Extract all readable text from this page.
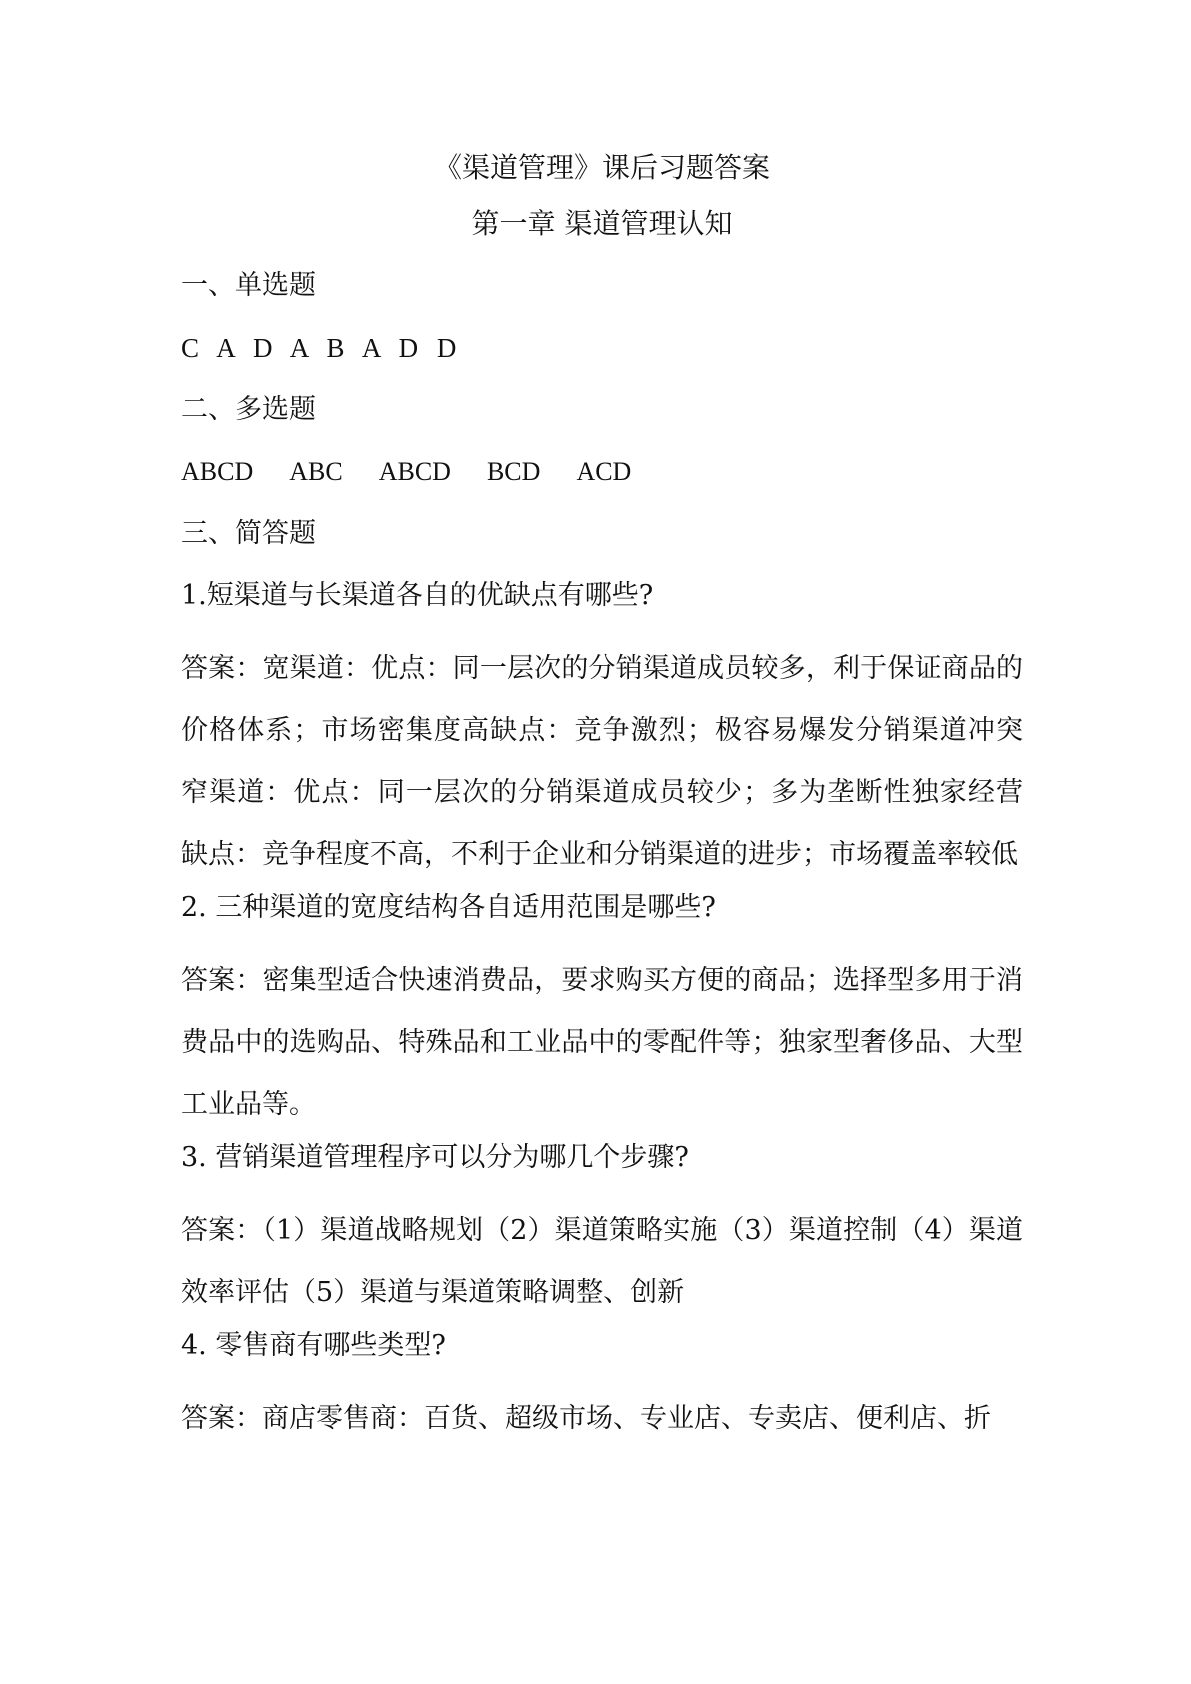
《渠道管理》课后习题答案
第一章 渠道管理认知
一、单选题
C A D A B A D D
二、多选题
ABCD ABC ABCD BCD ACD
三、简答题
1.短渠道与长渠道各自的优缺点有哪些?
答案：宽渠道：优点：同一层次的分销渠道成员较多，利于保证商品的价格体系；市场密集度高缺点：竞争激烈；极容易爆发分销渠道冲突 窄渠道：优点：同一层次的分销渠道成员较少；多为垄断性独家经营 缺点：竞争程度不高，不利于企业和分销渠道的进步；市场覆盖率较低
2. 三种渠道的宽度结构各自适用范围是哪些?
答案：密集型适合快速消费品，要求购买方便的商品；选择型多用于消费品中的选购品、特殊品和工业品中的零配件等；独家型奢侈品、大型工业品等。
3. 营销渠道管理程序可以分为哪几个步骤?
答案：（1）渠道战略规划（2）渠道策略实施（3）渠道控制（4）渠道效率评估（5）渠道与渠道策略调整、创新
4. 零售商有哪些类型?
答案：商店零售商：百货、超级市场、专业店、专卖店、便利店、折
